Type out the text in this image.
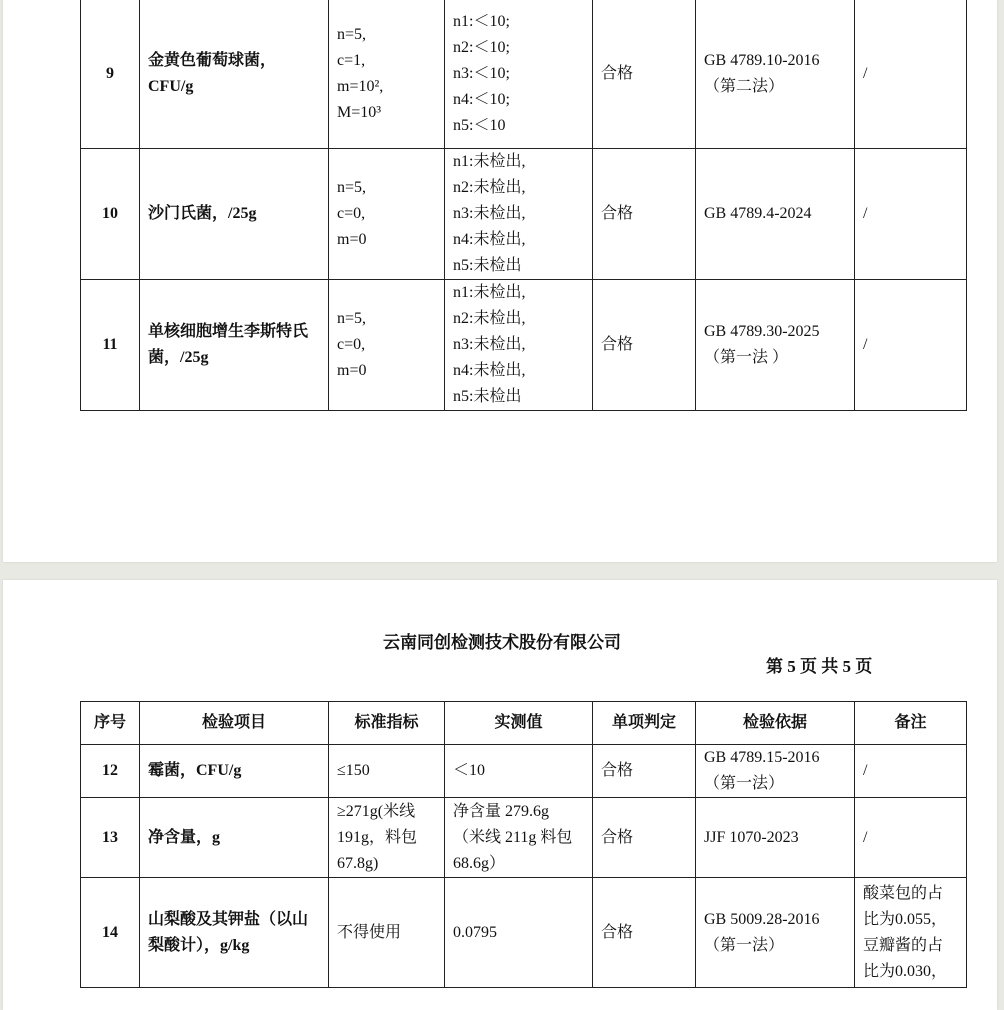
9	金黄色葡萄球菌，CFU/g	n=5,
c=1,
m=10²,
M=10³	n1:＜10;
n2:＜10;
n3:＜10;
n4:＜10;
n5:＜10	合格	GB 4789.10-2016
（第二法）	/
10	沙门氏菌，/25g	n=5,
c=0,
m=0	n1:未检出,
n2:未检出,
n3:未检出,
n4:未检出,
n5:未检出	合格	GB 4789.4-2024	/
11	单核细胞增生李斯特氏菌，/25g	n=5,
c=0,
m=0	n1:未检出,
n2:未检出,
n3:未检出,
n4:未检出,
n5:未检出	合格	GB 4789.30-2025
（第一法 ）	/
云南同创检测技术股份有限公司
第 5 页 共 5 页
序号	检验项目	标准指标	实测值	单项判定	检验依据	备注
12	霉菌，CFU/g	≤150	＜10	合格	GB 4789.15-2016
（第一法）	/
13	净含量，g	≥271g(米线
191g，料包
67.8g)	净含量 279.6g
（米线 211g 料包
68.6g）	合格	JJF 1070-2023	/
14	山梨酸及其钾盐（以山梨酸计），g/kg	不得使用	0.0795	合格	GB 5009.28-2016
（第一法）	酸菜包的占比为0.055，豆瓣酱的占比为0.030，
